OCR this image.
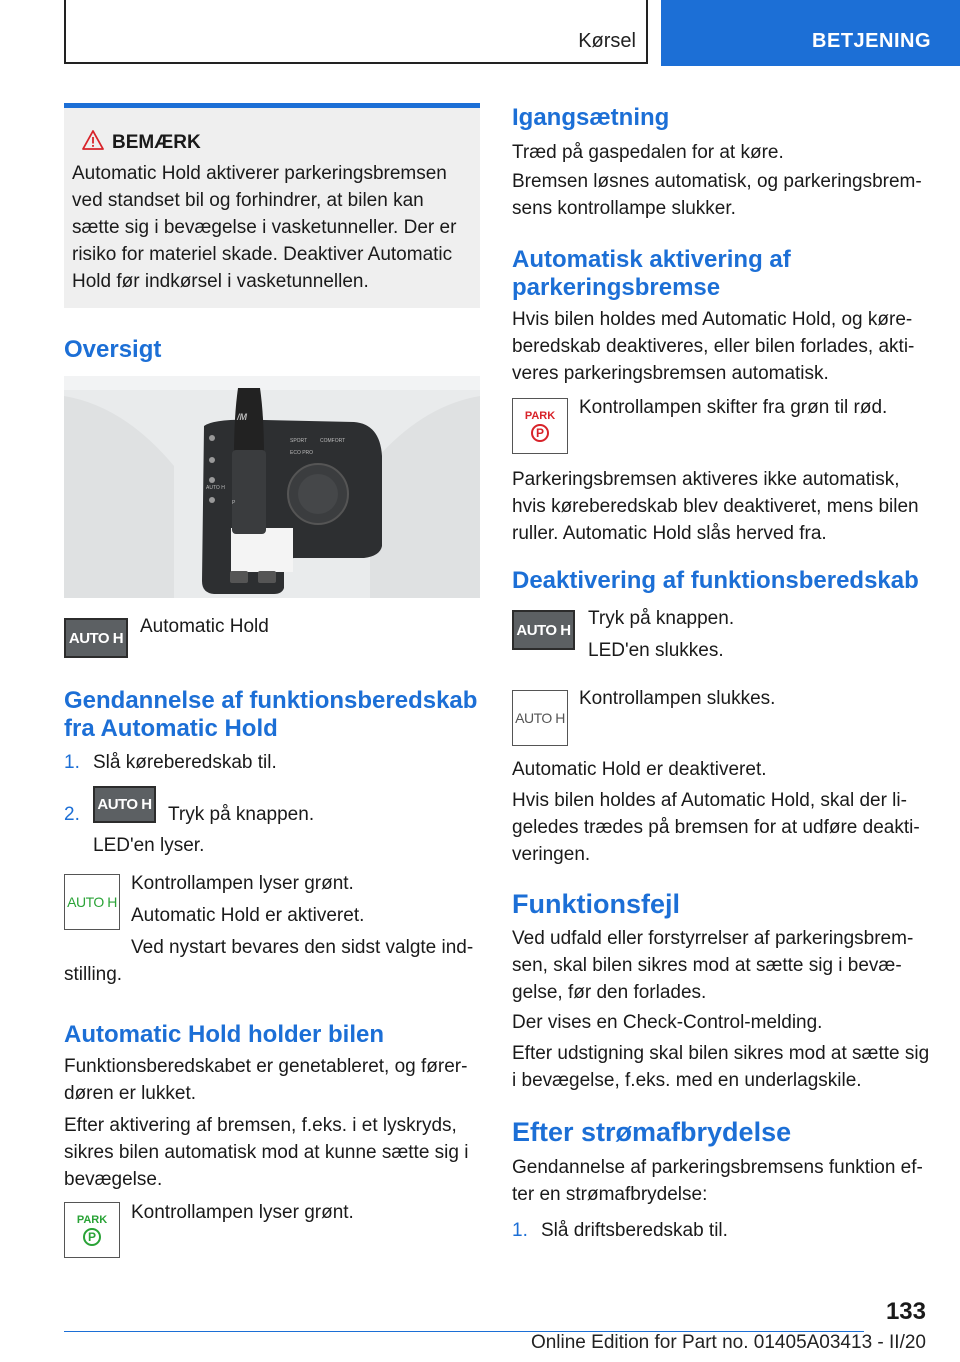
Kørsel	BETJENING
BEMÆRK
Automatic Hold aktiverer parkeringsbremsen ved standset bil og forhindrer, at bilen kan sætte sig i bevægelse i vasketunneller. Der er risiko for materiel skade. Deaktiver Automatic Hold før indkørsel i vasketunnellen.
Oversigt
/M
SPORT	COMFORT
ECO PRO
AUTO H
P
AUTO H
Automatic Hold
Gendannelse af funktionsberedskab fra Automatic Hold
1. Slå køreberedskab til.
2. AUTO H Tryk på knappen.
LED'en lyser.
AUTO H
Kontrollampen lyser grønt.
Automatic Hold er aktiveret.
Ved nystart bevares den sidst valgte ind-stilling.
Automatic Hold holder bilen
Funktionsberedskabet er genetableret, og fører-døren er lukket.
Efter aktivering af bremsen, f.eks. i et lyskryds, sikres bilen automatisk mod at kunne sætte sig i bevægelse.
PARK
P
Kontrollampen lyser grønt.
Igangsætning
Træd på gaspedalen for at køre.
Bremsen løsnes automatisk, og parkeringsbrem-sens kontrollampe slukker.
Automatisk aktivering af parkeringsbremse
Hvis bilen holdes med Automatic Hold, og køre-beredskab deaktiveres, eller bilen forlades, akti-veres parkeringsbremsen automatisk.
PARK
P
Kontrollampen skifter fra grøn til rød.
Parkeringsbremsen aktiveres ikke automatisk, hvis køreberedskab blev deaktiveret, mens bilen ruller. Automatic Hold slås herved fra.
Deaktivering af funktionsberedskab
AUTO H
Tryk på knappen.
LED'en slukkes.
AUTO H
Kontrollampen slukkes.
Automatic Hold er deaktiveret.
Hvis bilen holdes af Automatic Hold, skal der li-geledes trædes på bremsen for at udføre deakti-veringen.
Funktionsfejl
Ved udfald eller forstyrrelser af parkeringsbrem-sen, skal bilen sikres mod at sætte sig i bevæ-gelse, før den forlades.
Der vises en Check-Control-melding.
Efter udstigning skal bilen sikres mod at sætte sig i bevægelse, f.eks. med en underlagskile.
Efter strømafbrydelse
Gendannelse af parkeringsbremsens funktion ef-ter en strømafbrydelse:
1. Slå driftsberedskab til.
133
Online Edition for Part no. 01405A03413 - II/20
